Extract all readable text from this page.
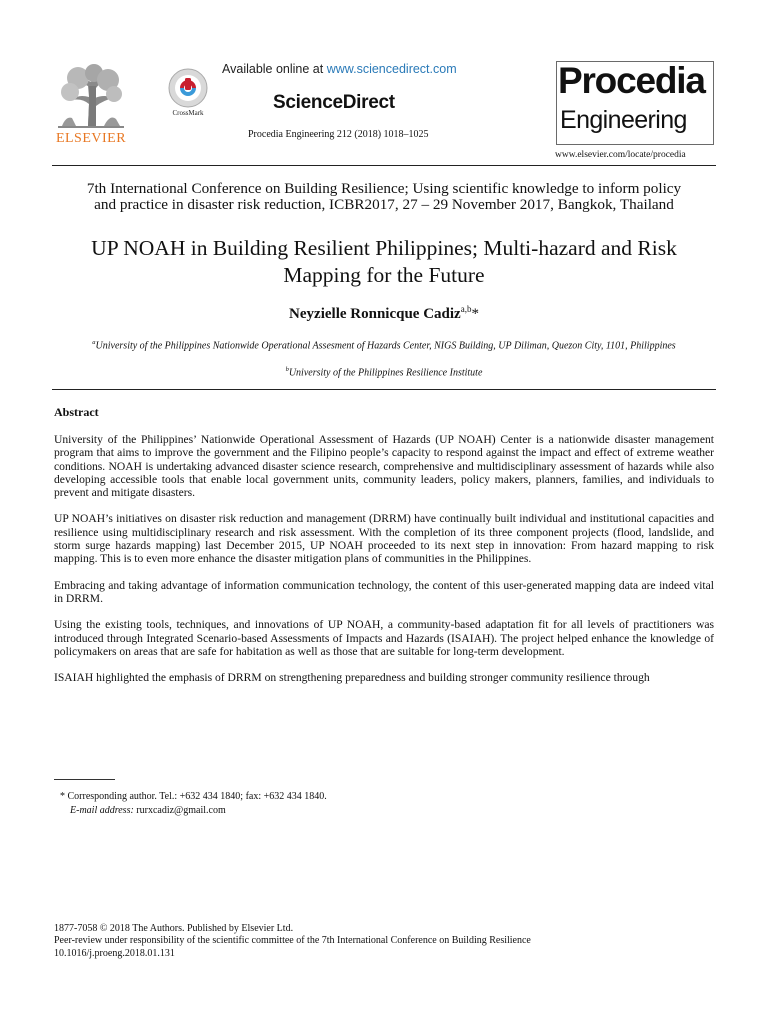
ELSEVIER
CrossMark
Available online at www.sciencedirect.com
ScienceDirect
Procedia Engineering 212 (2018) 1018–1025
Procedia
Engineering
www.elsevier.com/locate/procedia
7th International Conference on Building Resilience; Using scientific knowledge to inform policy
and practice in disaster risk reduction, ICBR2017, 27 – 29 November 2017, Bangkok, Thailand
UP NOAH in Building Resilient Philippines; Multi-hazard and Risk
Mapping for the Future
Neyzielle Ronnicque Cadiz$^{a,b}$*
$^a$University of the Philippines Nationwide Operational Assesment of Hazards Center, NIGS Building, UP Diliman, Quezon City, 1101, Philippines
$^b$University of the Philippines Resilience Institute
Abstract

University of the Philippines’ Nationwide Operational Assessment of Hazards (UP NOAH) Center is a nationwide disaster management program that aims to improve the government and the Filipino people’s capacity to respond against the impact and effect of extreme weather conditions. NOAH is undertaking advanced disaster science research, comprehensive and multidisciplinary assessment of hazards while also developing accessible tools that enable local government units, community leaders, policy makers, planners, families, and individuals to prevent and mitigate disasters.

UP NOAH’s initiatives on disaster risk reduction and management (DRRM) have continually built individual and institutional capacities and resilience using multidisciplinary research and risk assessment. With the completion of its three component projects (flood, landslide, and storm surge hazards mapping) last December 2015, UP NOAH proceeded to its next step in innovation: From hazard mapping to risk mapping. This is to even more enhance the disaster mitigation plans of communities in the Philippines.

Embracing and taking advantage of information communication technology, the content of this user-generated mapping data are indeed vital in DRRM.

Using the existing tools, techniques, and innovations of UP NOAH, a community-based adaptation fit for all levels of practitioners was introduced through Integrated Scenario-based Assessments of Impacts and Hazards (ISAIAH). The project helped enhance the knowledge of policymakers on areas that are safe for habitation as well as those that are suitable for long-term development.

ISAIAH highlighted the emphasis of DRRM on strengthening preparedness and building stronger community resilience through

* Corresponding author. Tel.: +632 434 1840; fax: +632 434 1840.
E-mail address: rurxcadiz@gmail.com
1877-7058 © 2018 The Authors. Published by Elsevier Ltd.
Peer-review under responsibility of the scientific committee of the 7th International Conference on Building Resilience
10.1016/j.proeng.2018.01.131
